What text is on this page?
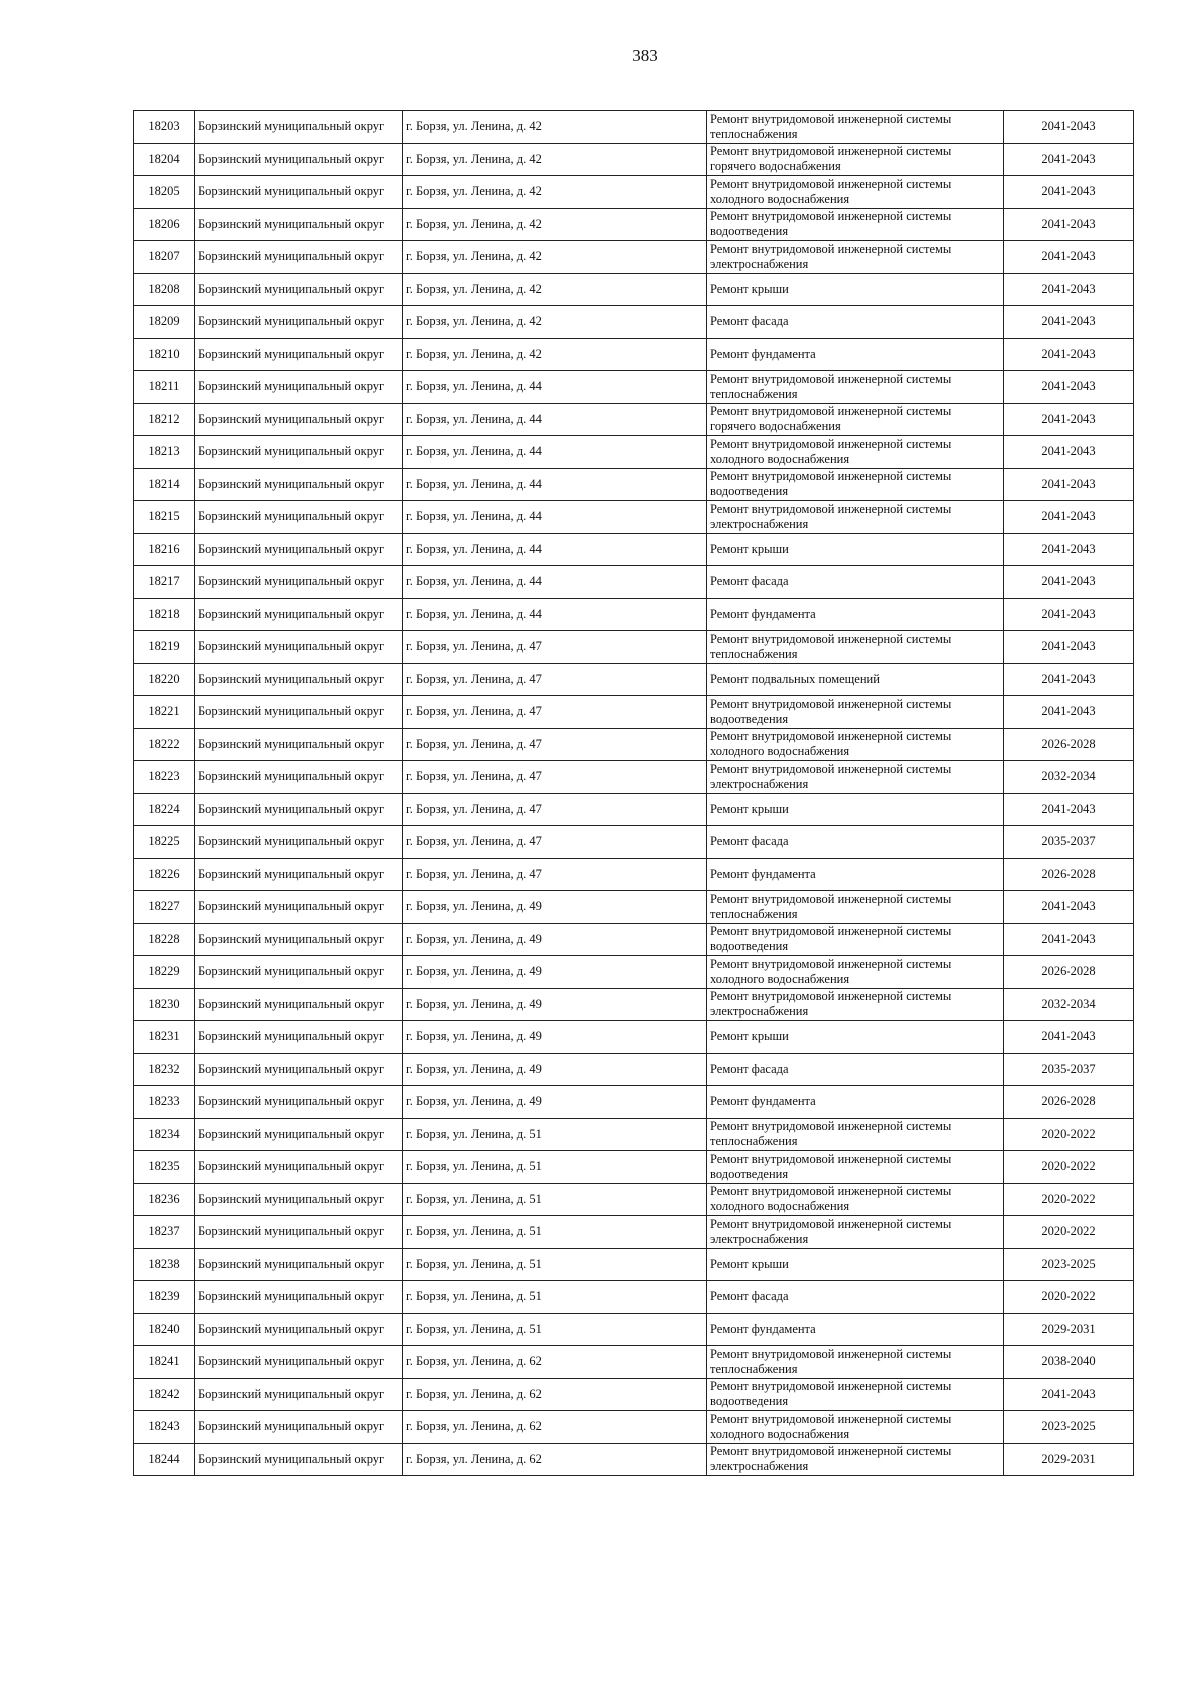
383
18203	Борзинский муниципальный округ	г. Борзя, ул. Ленина, д. 42	Ремонт внутридомовой инженерной системы теплоснабжения	2041-2043
18204	Борзинский муниципальный округ	г. Борзя, ул. Ленина, д. 42	Ремонт внутридомовой инженерной системы горячего водоснабжения	2041-2043
18205	Борзинский муниципальный округ	г. Борзя, ул. Ленина, д. 42	Ремонт внутридомовой инженерной системы холодного водоснабжения	2041-2043
18206	Борзинский муниципальный округ	г. Борзя, ул. Ленина, д. 42	Ремонт внутридомовой инженерной системы водоотведения	2041-2043
18207	Борзинский муниципальный округ	г. Борзя, ул. Ленина, д. 42	Ремонт внутридомовой инженерной системы электроснабжения	2041-2043
18208	Борзинский муниципальный округ	г. Борзя, ул. Ленина, д. 42	Ремонт крыши	2041-2043
18209	Борзинский муниципальный округ	г. Борзя, ул. Ленина, д. 42	Ремонт фасада	2041-2043
18210	Борзинский муниципальный округ	г. Борзя, ул. Ленина, д. 42	Ремонт фундамента	2041-2043
18211	Борзинский муниципальный округ	г. Борзя, ул. Ленина, д. 44	Ремонт внутридомовой инженерной системы теплоснабжения	2041-2043
18212	Борзинский муниципальный округ	г. Борзя, ул. Ленина, д. 44	Ремонт внутридомовой инженерной системы горячего водоснабжения	2041-2043
18213	Борзинский муниципальный округ	г. Борзя, ул. Ленина, д. 44	Ремонт внутридомовой инженерной системы холодного водоснабжения	2041-2043
18214	Борзинский муниципальный округ	г. Борзя, ул. Ленина, д. 44	Ремонт внутридомовой инженерной системы водоотведения	2041-2043
18215	Борзинский муниципальный округ	г. Борзя, ул. Ленина, д. 44	Ремонт внутридомовой инженерной системы электроснабжения	2041-2043
18216	Борзинский муниципальный округ	г. Борзя, ул. Ленина, д. 44	Ремонт крыши	2041-2043
18217	Борзинский муниципальный округ	г. Борзя, ул. Ленина, д. 44	Ремонт фасада	2041-2043
18218	Борзинский муниципальный округ	г. Борзя, ул. Ленина, д. 44	Ремонт фундамента	2041-2043
18219	Борзинский муниципальный округ	г. Борзя, ул. Ленина, д. 47	Ремонт внутридомовой инженерной системы теплоснабжения	2041-2043
18220	Борзинский муниципальный округ	г. Борзя, ул. Ленина, д. 47	Ремонт подвальных помещений	2041-2043
18221	Борзинский муниципальный округ	г. Борзя, ул. Ленина, д. 47	Ремонт внутридомовой инженерной системы водоотведения	2041-2043
18222	Борзинский муниципальный округ	г. Борзя, ул. Ленина, д. 47	Ремонт внутридомовой инженерной системы холодного водоснабжения	2026-2028
18223	Борзинский муниципальный округ	г. Борзя, ул. Ленина, д. 47	Ремонт внутридомовой инженерной системы электроснабжения	2032-2034
18224	Борзинский муниципальный округ	г. Борзя, ул. Ленина, д. 47	Ремонт крыши	2041-2043
18225	Борзинский муниципальный округ	г. Борзя, ул. Ленина, д. 47	Ремонт фасада	2035-2037
18226	Борзинский муниципальный округ	г. Борзя, ул. Ленина, д. 47	Ремонт фундамента	2026-2028
18227	Борзинский муниципальный округ	г. Борзя, ул. Ленина, д. 49	Ремонт внутридомовой инженерной системы теплоснабжения	2041-2043
18228	Борзинский муниципальный округ	г. Борзя, ул. Ленина, д. 49	Ремонт внутридомовой инженерной системы водоотведения	2041-2043
18229	Борзинский муниципальный округ	г. Борзя, ул. Ленина, д. 49	Ремонт внутридомовой инженерной системы холодного водоснабжения	2026-2028
18230	Борзинский муниципальный округ	г. Борзя, ул. Ленина, д. 49	Ремонт внутридомовой инженерной системы электроснабжения	2032-2034
18231	Борзинский муниципальный округ	г. Борзя, ул. Ленина, д. 49	Ремонт крыши	2041-2043
18232	Борзинский муниципальный округ	г. Борзя, ул. Ленина, д. 49	Ремонт фасада	2035-2037
18233	Борзинский муниципальный округ	г. Борзя, ул. Ленина, д. 49	Ремонт фундамента	2026-2028
18234	Борзинский муниципальный округ	г. Борзя, ул. Ленина, д. 51	Ремонт внутридомовой инженерной системы теплоснабжения	2020-2022
18235	Борзинский муниципальный округ	г. Борзя, ул. Ленина, д. 51	Ремонт внутридомовой инженерной системы водоотведения	2020-2022
18236	Борзинский муниципальный округ	г. Борзя, ул. Ленина, д. 51	Ремонт внутридомовой инженерной системы холодного водоснабжения	2020-2022
18237	Борзинский муниципальный округ	г. Борзя, ул. Ленина, д. 51	Ремонт внутридомовой инженерной системы электроснабжения	2020-2022
18238	Борзинский муниципальный округ	г. Борзя, ул. Ленина, д. 51	Ремонт крыши	2023-2025
18239	Борзинский муниципальный округ	г. Борзя, ул. Ленина, д. 51	Ремонт фасада	2020-2022
18240	Борзинский муниципальный округ	г. Борзя, ул. Ленина, д. 51	Ремонт фундамента	2029-2031
18241	Борзинский муниципальный округ	г. Борзя, ул. Ленина, д. 62	Ремонт внутридомовой инженерной системы теплоснабжения	2038-2040
18242	Борзинский муниципальный округ	г. Борзя, ул. Ленина, д. 62	Ремонт внутридомовой инженерной системы водоотведения	2041-2043
18243	Борзинский муниципальный округ	г. Борзя, ул. Ленина, д. 62	Ремонт внутридомовой инженерной системы холодного водоснабжения	2023-2025
18244	Борзинский муниципальный округ	г. Борзя, ул. Ленина, д. 62	Ремонт внутридомовой инженерной системы электроснабжения	2029-2031
